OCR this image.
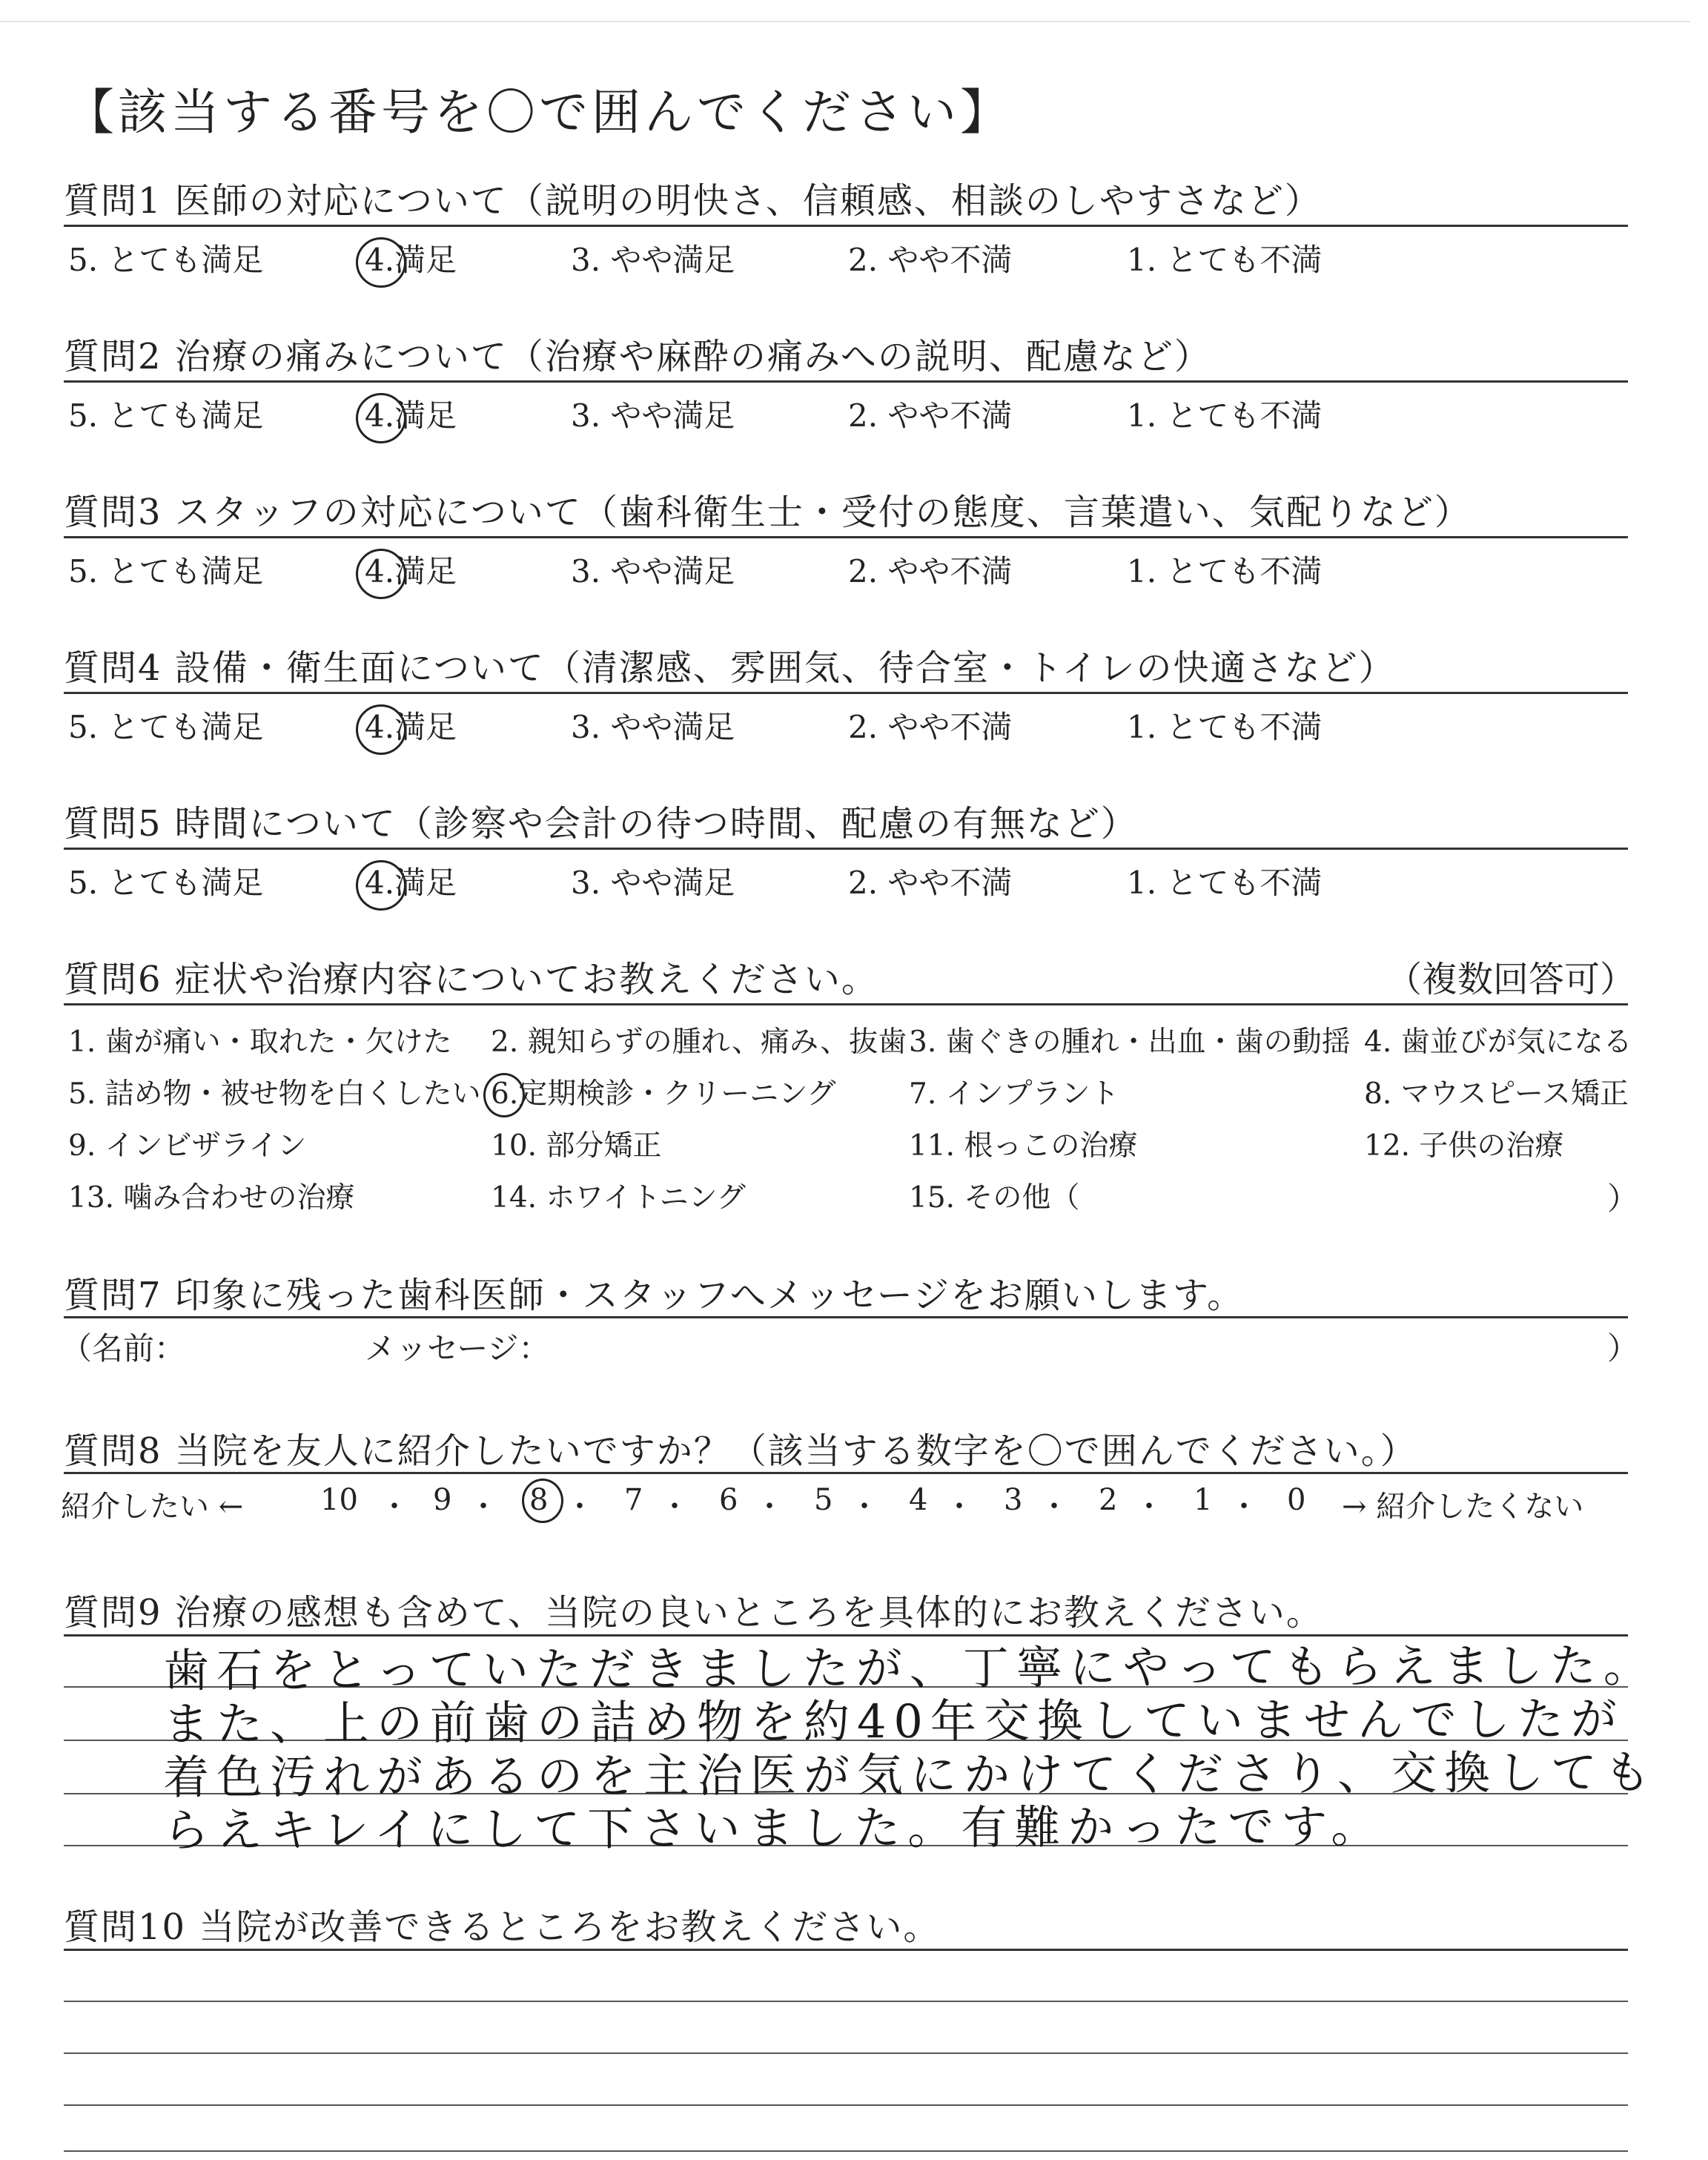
【該当する番号を〇で囲んでください】
質問1 医師の対応について（説明の明快さ、信頼感、相談のしやすさなど）
5. とても満足	4.満足	3. やや満足	2. やや不満	1. とても不満
質問2 治療の痛みについて（治療や麻酔の痛みへの説明、配慮など）
5. とても満足	4.満足	3. やや満足	2. やや不満	1. とても不満
質問3 スタッフの対応について（歯科衛生士・受付の態度、言葉遣い、気配りなど）
5. とても満足	4.満足	3. やや満足	2. やや不満	1. とても不満
質問4 設備・衛生面について（清潔感、雰囲気、待合室・トイレの快適さなど）
5. とても満足	4.満足	3. やや満足	2. やや不満	1. とても不満
質問5 時間について（診察や会計の待つ時間、配慮の有無など）
5. とても満足	4.満足	3. やや満足	2. やや不満	1. とても不満
質問6 症状や治療内容についてお教えください。	（複数回答可）
1. 歯が痛い・取れた・欠けた 2. 親知らずの腫れ、痛み、抜歯 3. 歯ぐきの腫れ・出血・歯の動揺 4. 歯並びが気になる
5. 詰め物・被せ物を白くしたい 6.定期検診・クリーニング	7. インプラント	8. マウスピース矯正
9. インビザライン	10. 部分矯正	11. 根っこの治療	12. 子供の治療
13. 噛み合わせの治療	14. ホワイトニング	15. その他（	）
質問7 印象に残った歯科医師・スタッフへメッセージをお願いします。
（名前：	メッセージ：	）
質問8 当院を友人に紹介したいですか？（該当する数字を〇で囲んでください。）
紹介したい ←	10 ・ 9 ・ 8 ・ 7 ・ 6 ・ 5 ・ 4 ・ 3 ・ 2 ・ 1 ・ 0 → 紹介したくない
質問9 治療の感想も含めて、当院の良いところを具体的にお教えください。
歯石をとっていただきましたが、丁寧にやってもらえました。
また、上の前歯の詰め物を約40年交換していませんでしたが
着色汚れがあるのを主治医が気にかけてくださり、交換しても
らえキレイにして下さいました。有難かったです。
質問10 当院が改善できるところをお教えください。
